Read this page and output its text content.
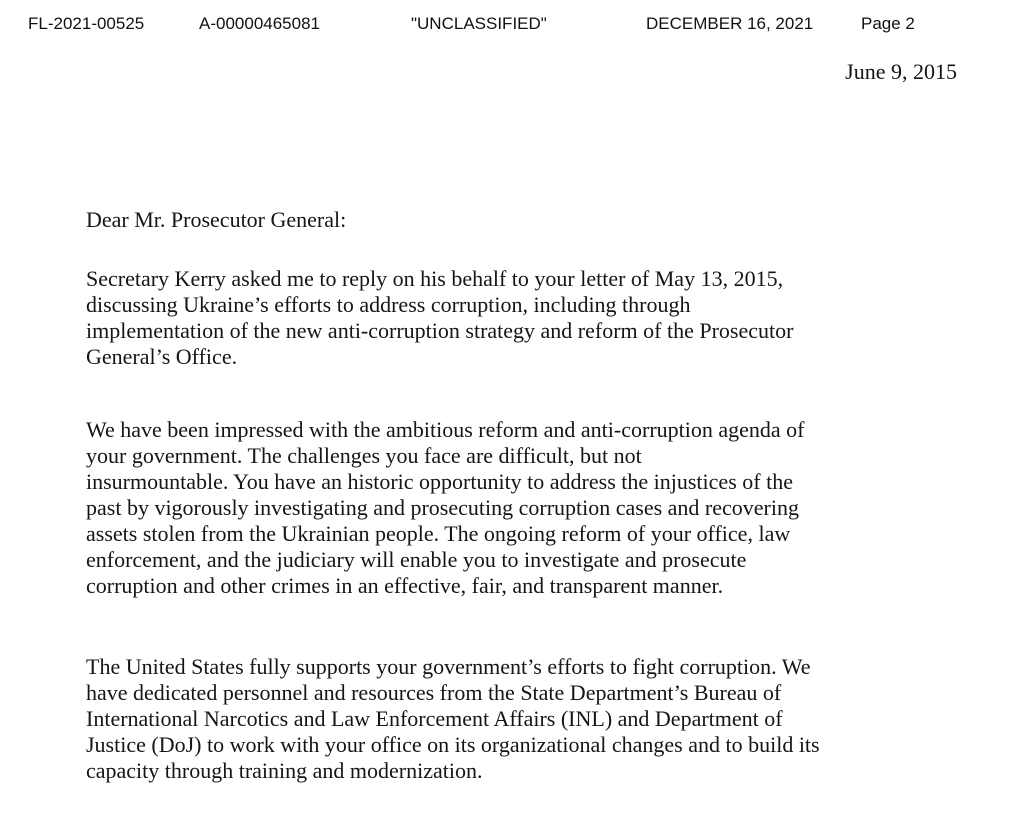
FL-2021-00525	A-00000465081	"UNCLASSIFIED"	DECEMBER 16, 2021	Page 2
June 9, 2015
Dear Mr. Prosecutor General:
Secretary Kerry asked me to reply on his behalf to your letter of May 13, 2015,
discussing Ukraine’s efforts to address corruption, including through
implementation of the new anti-corruption strategy and reform of the Prosecutor
General’s Office.
We have been impressed with the ambitious reform and anti-corruption agenda of
your government. The challenges you face are difficult, but not
insurmountable. You have an historic opportunity to address the injustices of the
past by vigorously investigating and prosecuting corruption cases and recovering
assets stolen from the Ukrainian people. The ongoing reform of your office, law
enforcement, and the judiciary will enable you to investigate and prosecute
corruption and other crimes in an effective, fair, and transparent manner.
The United States fully supports your government’s efforts to fight corruption. We
have dedicated personnel and resources from the State Department’s Bureau of
International Narcotics and Law Enforcement Affairs (INL) and Department of
Justice (DoJ) to work with your office on its organizational changes and to build its
capacity through training and modernization.
